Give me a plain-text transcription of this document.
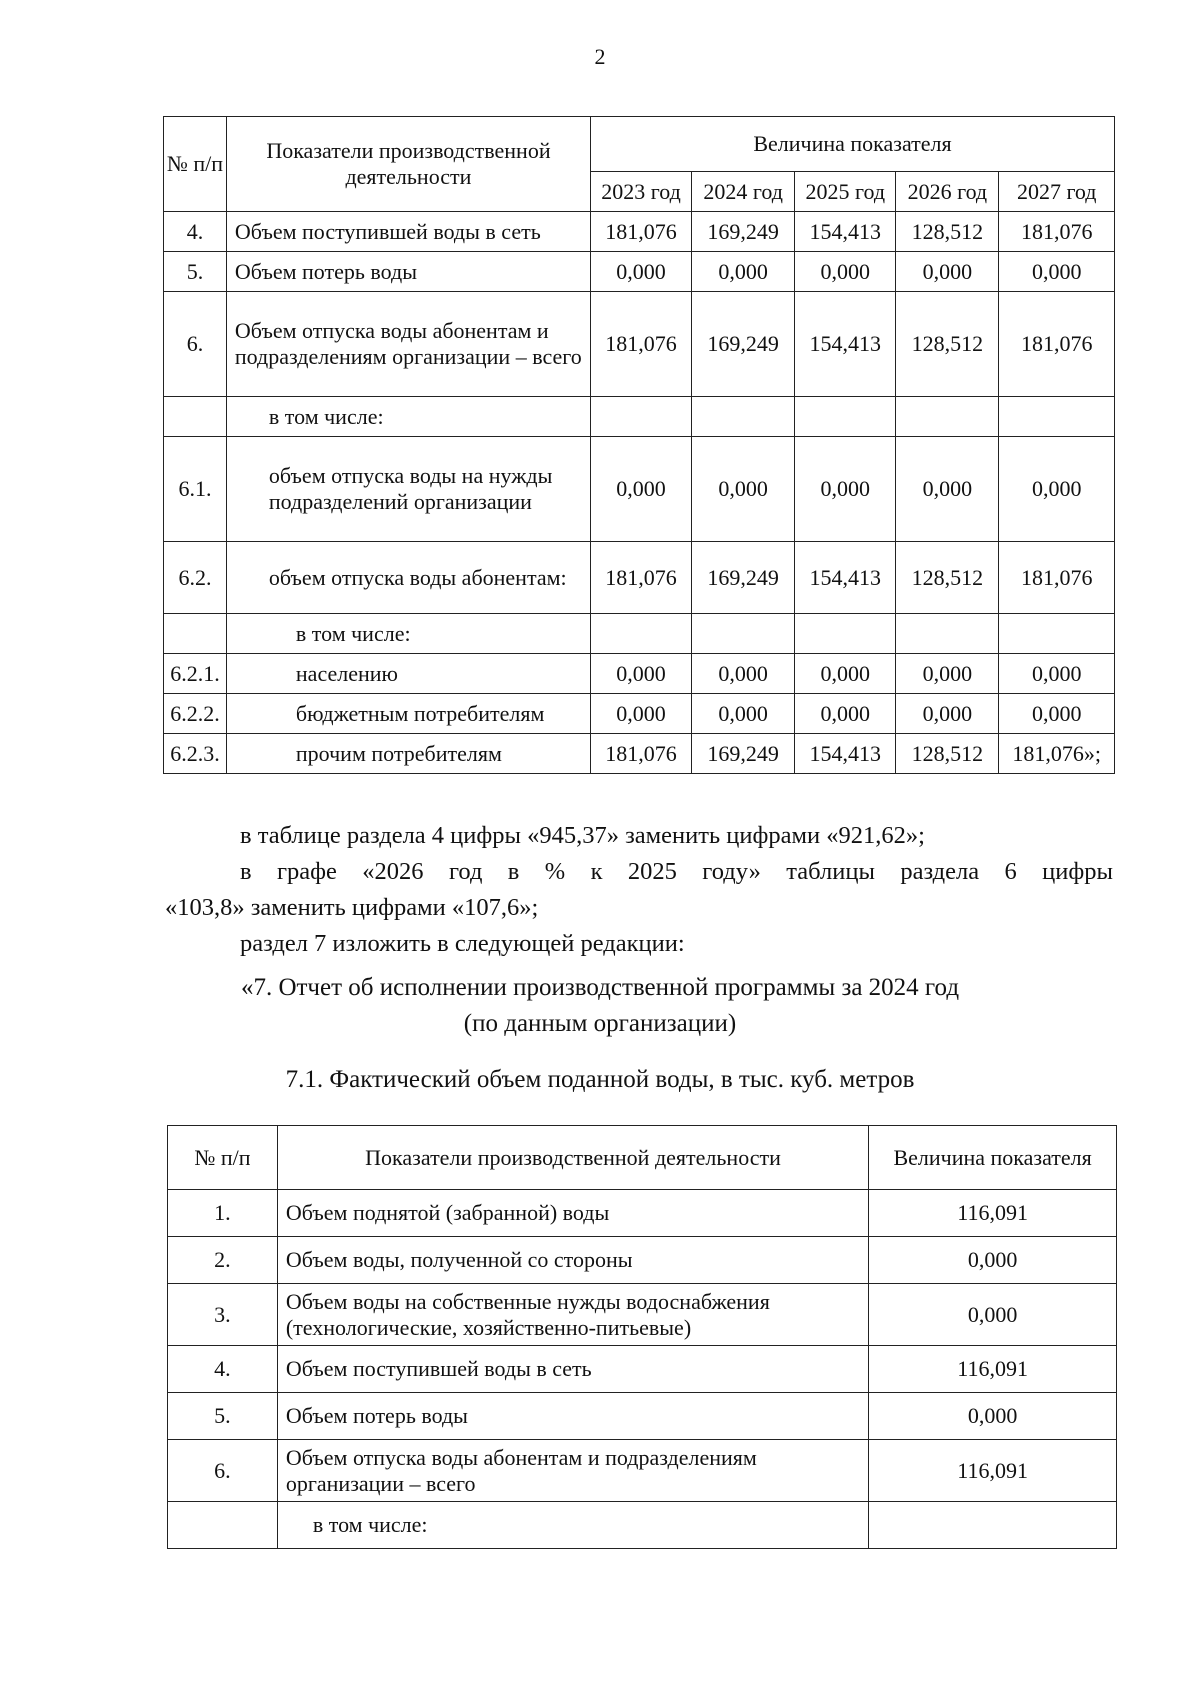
2
№ п/п	Показатели производственной деятельности	Величина показателя				
		2023 год	2024 год	2025 год	2026 год	2027 год
4.	Объем поступившей воды в сеть	181,076	169,249	154,413	128,512	181,076
5.	Объем потерь воды	0,000	0,000	0,000	0,000	0,000
6.	Объем отпуска воды абонентам и подразделениям организации – всего	181,076	169,249	154,413	128,512	181,076
	в том числе:					
6.1.	объем отпуска воды на нужды подразделений организации	0,000	0,000	0,000	0,000	0,000
6.2.	объем отпуска воды абонентам:	181,076	169,249	154,413	128,512	181,076
	в том числе:					
6.2.1.	населению	0,000	0,000	0,000	0,000	0,000
6.2.2.	бюджетным потребителям	0,000	0,000	0,000	0,000	0,000
6.2.3.	прочим потребителям	181,076	169,249	154,413	128,512	181,076»;

в таблице раздела 4 цифры «945,37» заменить цифрами «921,62»;

в графе «2026 год в % к 2025 году» таблицы раздела 6 цифры

«103,8» заменить цифрами «107,6»;

раздел 7 изложить в следующей редакции:

«7. Отчет об исполнении производственной программы за 2024 год
(по данным организации)
7.1. Фактический объем поданной воды, в тыс. куб. метров
№ п/п	Показатели производственной деятельности	Величина показателя
1.	Объем поднятой (забранной) воды	116,091
2.	Объем воды, полученной со стороны	0,000
3.	Объем воды на собственные нужды водоснабжения (технологические, хозяйственно-питьевые)	0,000
4.	Объем поступившей воды в сеть	116,091
5.	Объем потерь воды	0,000
6.	Объем отпуска воды абонентам и подразделениям организации – всего	116,091
	в том числе:	
